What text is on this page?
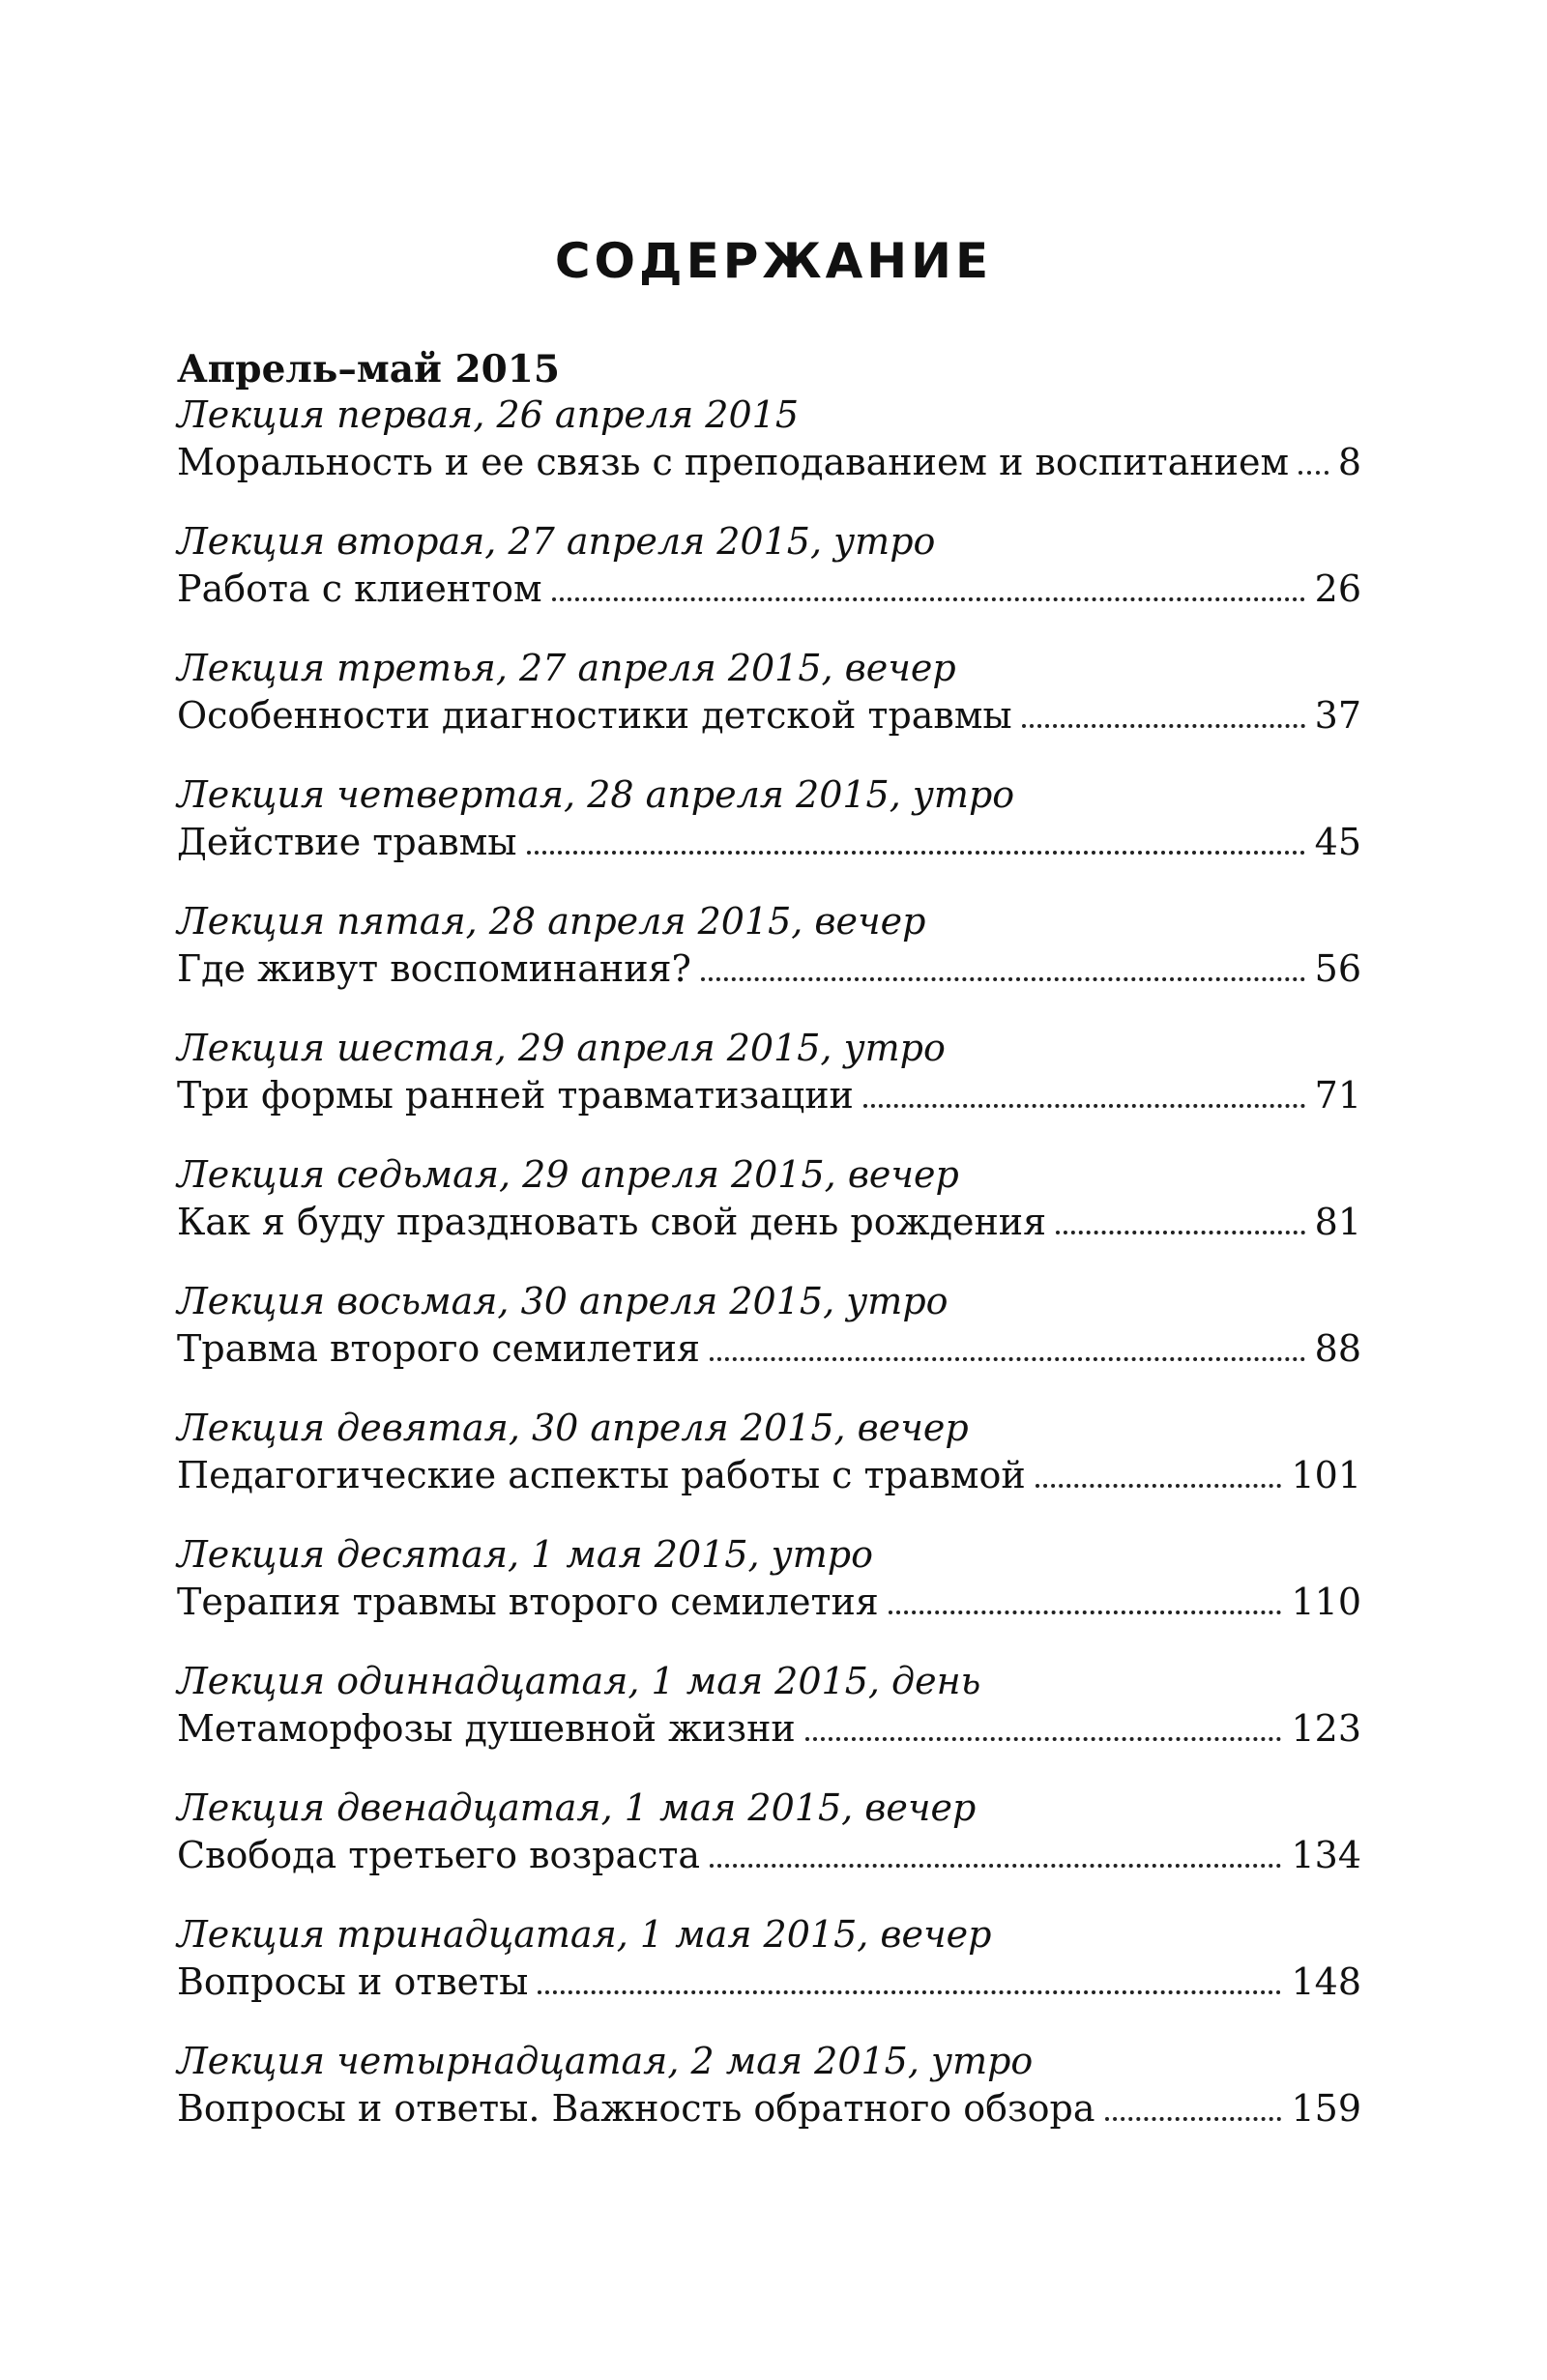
СОДЕРЖАНИЕ
Апрель–май 2015
Лекция первая, 26 апреля 2015
Моральность и ее связь с преподаванием и воспитанием 8
Лекция вторая, 27 апреля 2015, утро
Работа с клиентом	26
Лекция третья, 27 апреля 2015, вечер
Особенности диагностики детской травмы	37
Лекция четвертая, 28 апреля 2015, утро
Действие травмы	45
Лекция пятая, 28 апреля 2015, вечер
Где живут воспоминания?	56
Лекция шестая, 29 апреля 2015, утро
Три формы ранней травматизации	71
Лекция седьмая, 29 апреля 2015, вечер
Как я буду праздновать свой день рождения	81
Лекция восьмая, 30 апреля 2015, утро
Травма второго семилетия	88
Лекция девятая, 30 апреля 2015, вечер
Педагогические аспекты работы с травмой	101
Лекция десятая, 1 мая 2015, утро
Терапия травмы второго семилетия	110
Лекция одиннадцатая, 1 мая 2015, день
Метаморфозы душевной жизни	123
Лекция двенадцатая, 1 мая 2015, вечер
Свобода третьего возраста	134
Лекция тринадцатая, 1 мая 2015, вечер
Вопросы и ответы	148
Лекция четырнадцатая, 2 мая 2015, утро
Вопросы и ответы. Важность обратного обзора	159
